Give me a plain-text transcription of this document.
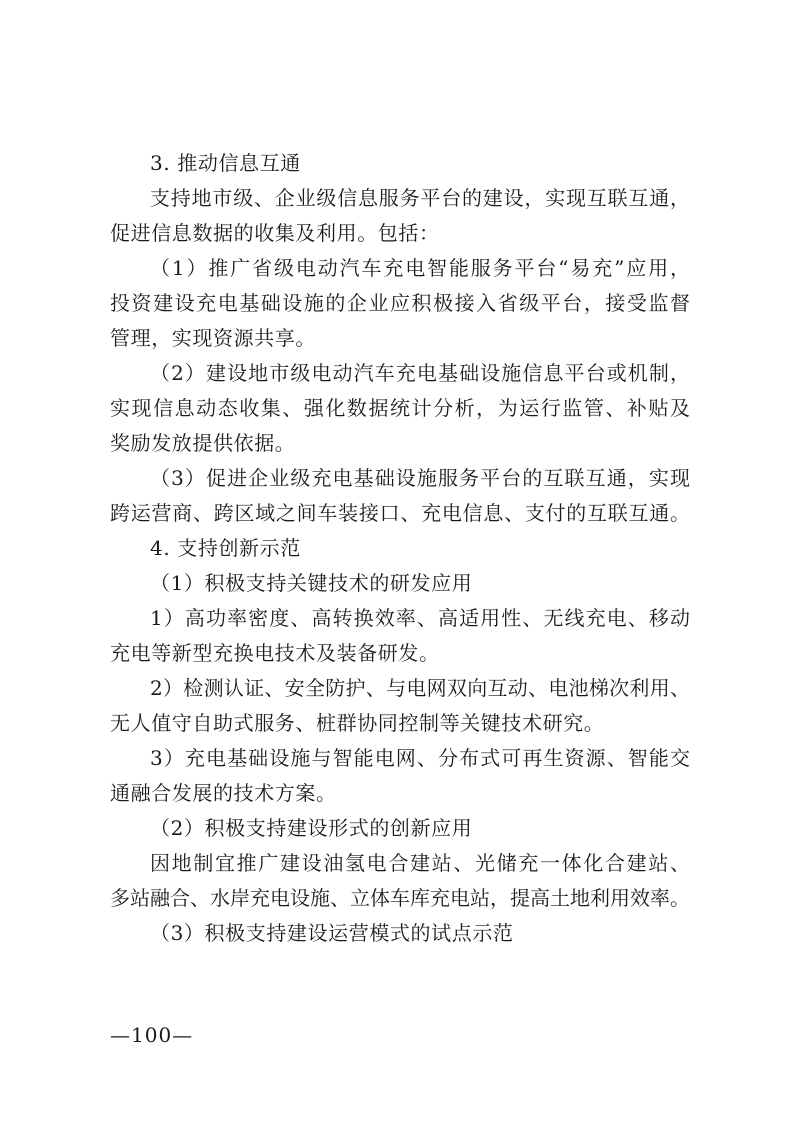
3. 推动信息互通
支持地市级、企业级信息服务平台的建设，实现互联互通，
促进信息数据的收集及利用。包括：
（1）推广省级电动汽车充电智能服务平台“易充”应用，
投资建设充电基础设施的企业应积极接入省级平台，接受监督
管理，实现资源共享。
（2）建设地市级电动汽车充电基础设施信息平台或机制，
实现信息动态收集、强化数据统计分析，为运行监管、补贴及
奖励发放提供依据。
（3）促进企业级充电基础设施服务平台的互联互通，实现
跨运营商、跨区域之间车装接口、充电信息、支付的互联互通。
4. 支持创新示范
（1）积极支持关键技术的研发应用
1）高功率密度、高转换效率、高适用性、无线充电、移动
充电等新型充换电技术及装备研发。
2）检测认证、安全防护、与电网双向互动、电池梯次利用、
无人值守自助式服务、桩群协同控制等关键技术研究。
3）充电基础设施与智能电网、分布式可再生资源、智能交
通融合发展的技术方案。
（2）积极支持建设形式的创新应用
因地制宜推广建设油氢电合建站、光储充一体化合建站、
多站融合、水岸充电设施、立体车库充电站，提高土地利用效率。
（3）积极支持建设运营模式的试点示范
—100—
